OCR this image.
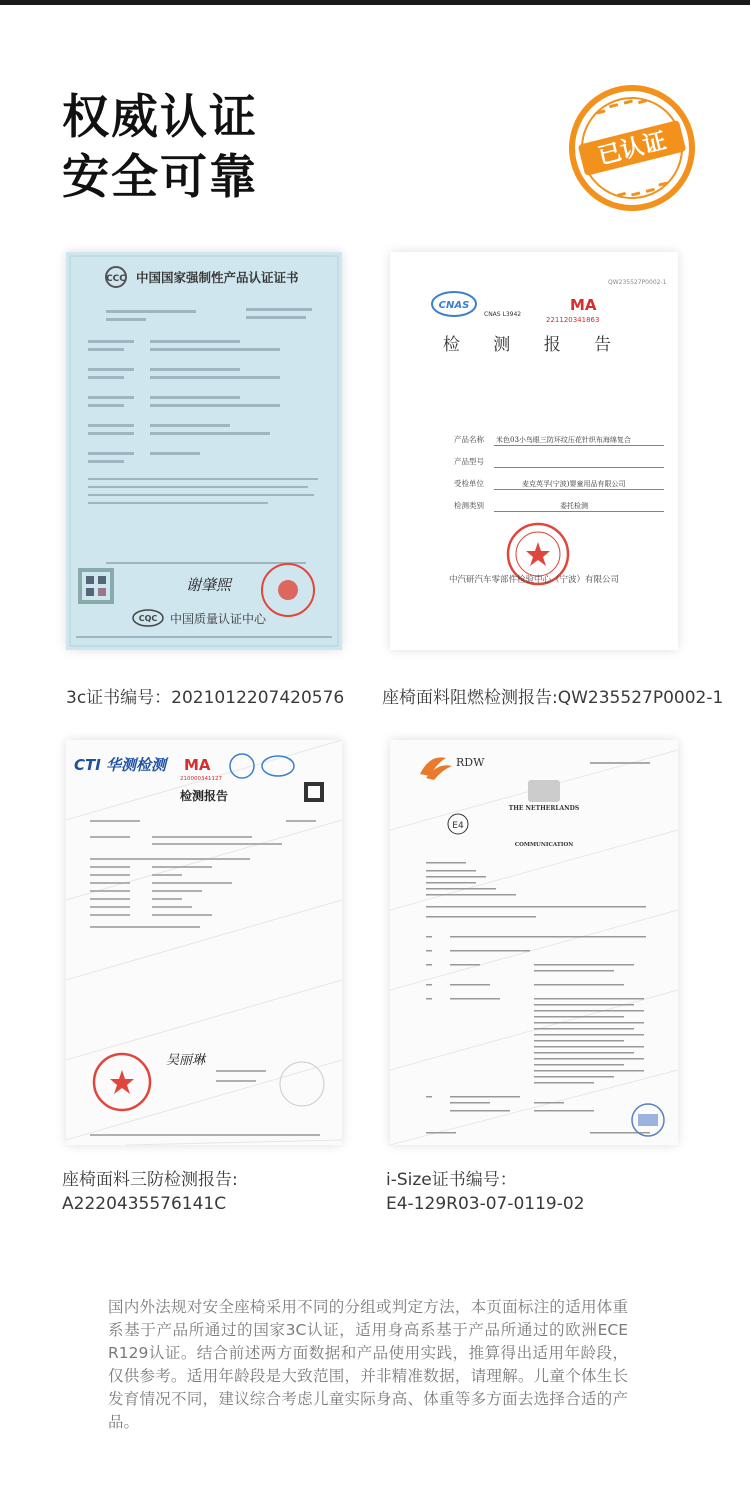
权威认证
安全可靠
已认证
CCC 中国国家强制性产品认证证书
谢肇煕
CQC 中国质量认证中心
3c证书编号：2021012207420576
QW235527P0002-1
CNAS
CNAS L3942
MA
221120341863
检 测 报 告
产品名称 米色03小鸟眼三防环纹压花针织布海绵复合
产品型号
受检单位	麦克英孚(宁波)婴童用品有限公司
检测类别	委托检测
中汽研汽车零部件检验中心（宁波）有限公司
座椅面料阻燃检测报告:QW235527P0002-1
CTI 华测检测 MA
210000341127
检测报告
吴丽琳
座椅面料三防检测报告:
A2220435576141C
RDW
THE NETHERLANDS
E4
COMMUNICATION
i-Size证书编号：
E4-129R03-07-0119-02

国内外法规对安全座椅采用不同的分组或判定方法，本页面标注的适用体重系基于产品所通过的国家3C认证，适用身高系基于产品所通过的欧洲ECE R129认证。结合前述两方面数据和产品使用实践，推算得出适用年龄段，仅供参考。适用年龄段是大致范围，并非精准数据，请理解。儿童个体生长发育情况不同，建议综合考虑儿童实际身高、体重等多方面去选择合适的产品。
